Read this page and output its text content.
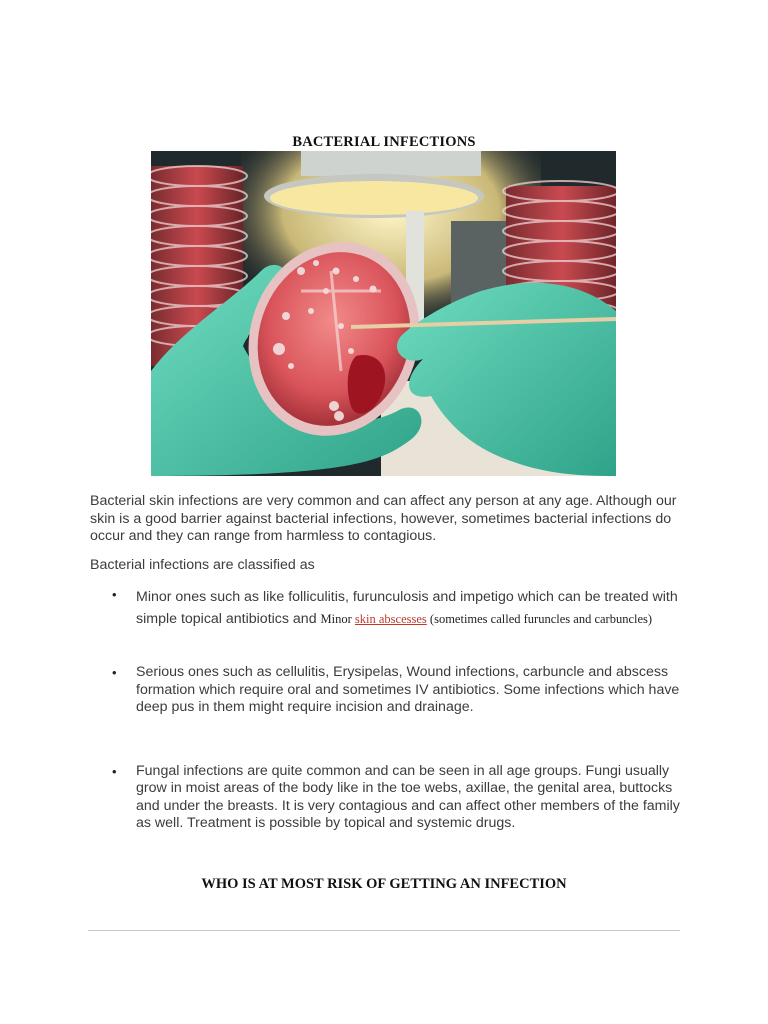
BACTERIAL INFECTIONS
Bacterial skin infections are very common and can affect any person at any age. Although our skin is a good barrier against bacterial infections, however, sometimes bacterial infections do occur and they can range from harmless to contagious.
Bacterial infections are classified as
• Minor ones such as like folliculitis, furunculosis and impetigo which can be treated with simple topical antibiotics and Minor skin abscesses (sometimes called furuncles and carbuncles)
• Serious ones such as cellulitis, Erysipelas, Wound infections, carbuncle and abscess formation which require oral and sometimes IV antibiotics. Some infections which have deep pus in them might require incision and drainage.
• Fungal infections are quite common and can be seen in all age groups. Fungi usually grow in moist areas of the body like in the toe webs, axillae, the genital area, buttocks and under the breasts. It is very contagious and can affect other members of the family as well. Treatment is possible by topical and systemic drugs.
WHO IS AT MOST RISK OF GETTING AN INFECTION
